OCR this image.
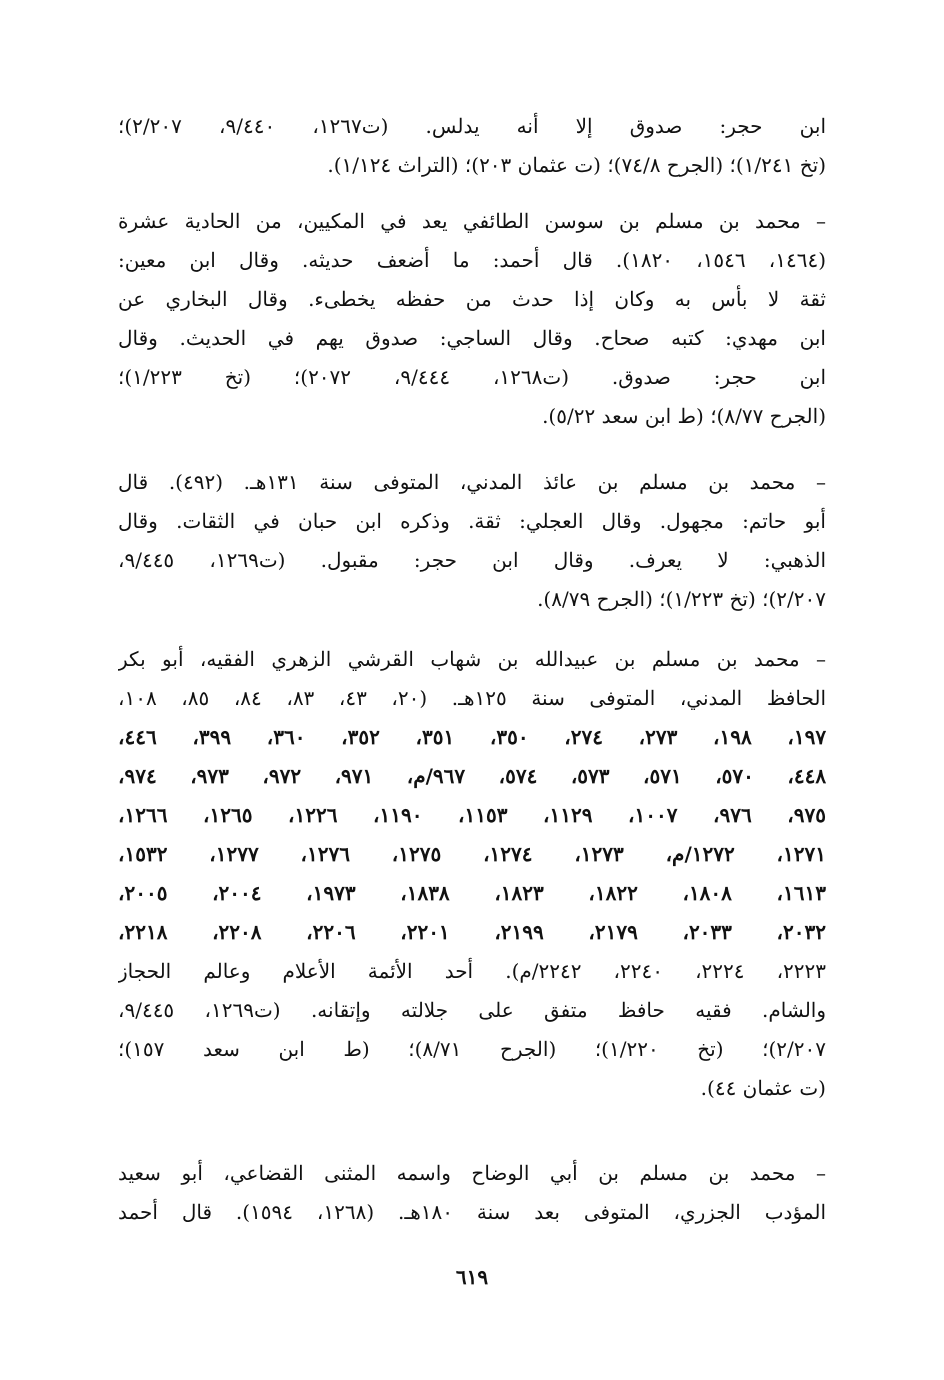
ابن حجر: صدوق إلا أنه يدلس. (ت١٢٦٧، ٩/٤٤٠، ٢/٢٠٧)؛
(تخ ١/٢٤١)؛ (الجرح ٧٤/٨)؛ (ت عثمان ٢٠٣)؛ (التراث ١/١٢٤).
– محمد بن مسلم بن سوسن الطائفي يعد في المكيين، من الحادية عشرة
(١٤٦٤، ١٥٤٦، ١٨٢٠). قال أحمد: ما أضعف حديثه. وقال ابن معين:
ثقة لا بأس به وكان إذا حدث من حفظه يخطىء. وقال البخاري عن
ابن مهدي: كتبه صحاح. وقال الساجي: صدوق يهم في الحديث. وقال
ابن حجر: صدوق. (ت١٢٦٨، ٩/٤٤٤، ٢٠٧٢)؛ (تخ ١/٢٢٣)؛
(الجرح ٨/٧٧)؛ (ط ابن سعد ٥/٢٢).
– محمد بن مسلم بن عائذ المدني، المتوفى سنة ١٣١هـ. (٤٩٢). قال
أبو حاتم: مجهول. وقال العجلي: ثقة. وذكره ابن حبان في الثقات. وقال
الذهبي: لا يعرف. وقال ابن حجر: مقبول. (ت١٢٦٩، ٩/٤٤٥،
٢/٢٠٧)؛ (تخ ١/٢٢٣)؛ (الجرح ٨/٧٩).
– محمد بن مسلم بن عبيدالله بن شهاب القرشي الزهري الفقيه، أبو بكر
الحافظ المدني، المتوفى سنة ١٢٥هـ. (٢٠، ٤٣، ٨٣، ٨٤، ٨٥، ١٠٨،
١٩٧، ١٩٨، ٢٧٣، ٢٧٤، ٣٥٠، ٣٥١، ٣٥٢، ٣٦٠، ٣٩٩، ٤٤٦،
٤٤٨، ٥٧٠، ٥٧١، ٥٧٣، ٥٧٤، ٩٦٧/م، ٩٧١، ٩٧٢، ٩٧٣، ٩٧٤،
٩٧٥، ٩٧٦، ١٠٠٧، ١١٢٩، ١١٥٣، ١١٩٠، ١٢٢٦، ١٢٦٥، ١٢٦٦،
١٢٧١، ١٢٧٢/م، ١٢٧٣، ١٢٧٤، ١٢٧٥، ١٢٧٦، ١٢٧٧، ١٥٣٢،
١٦١٣، ١٨٠٨، ١٨٢٢، ١٨٢٣، ١٨٣٨، ١٩٧٣، ٢٠٠٤، ٢٠٠٥،
٢٠٣٢، ٢٠٣٣، ٢١٧٩، ٢١٩٩، ٢٢٠١، ٢٢٠٦، ٢٢٠٨، ٢٢١٨،
٢٢٢٣، ٢٢٢٤، ٢٢٤٠، ٢٢٤٢/م). أحد الأئمة الأعلام وعالم الحجاز
والشام. فقيه حافظ متفق على جلالته وإتقانه. (ت١٢٦٩، ٩/٤٤٥،
٢/٢٠٧)؛ (تخ ١/٢٢٠)؛ (الجرح ٨/٧١)؛ (ط ابن سعد ١٥٧)؛
(ت عثمان ٤٤).
– محمد بن مسلم بن أبي الوضاح واسمه المثنى القضاعي، أبو سعيد
المؤدب الجزري، المتوفى بعد سنة ١٨٠هـ. (١٢٦٨، ١٥٩٤). قال أحمد
٦١٩
